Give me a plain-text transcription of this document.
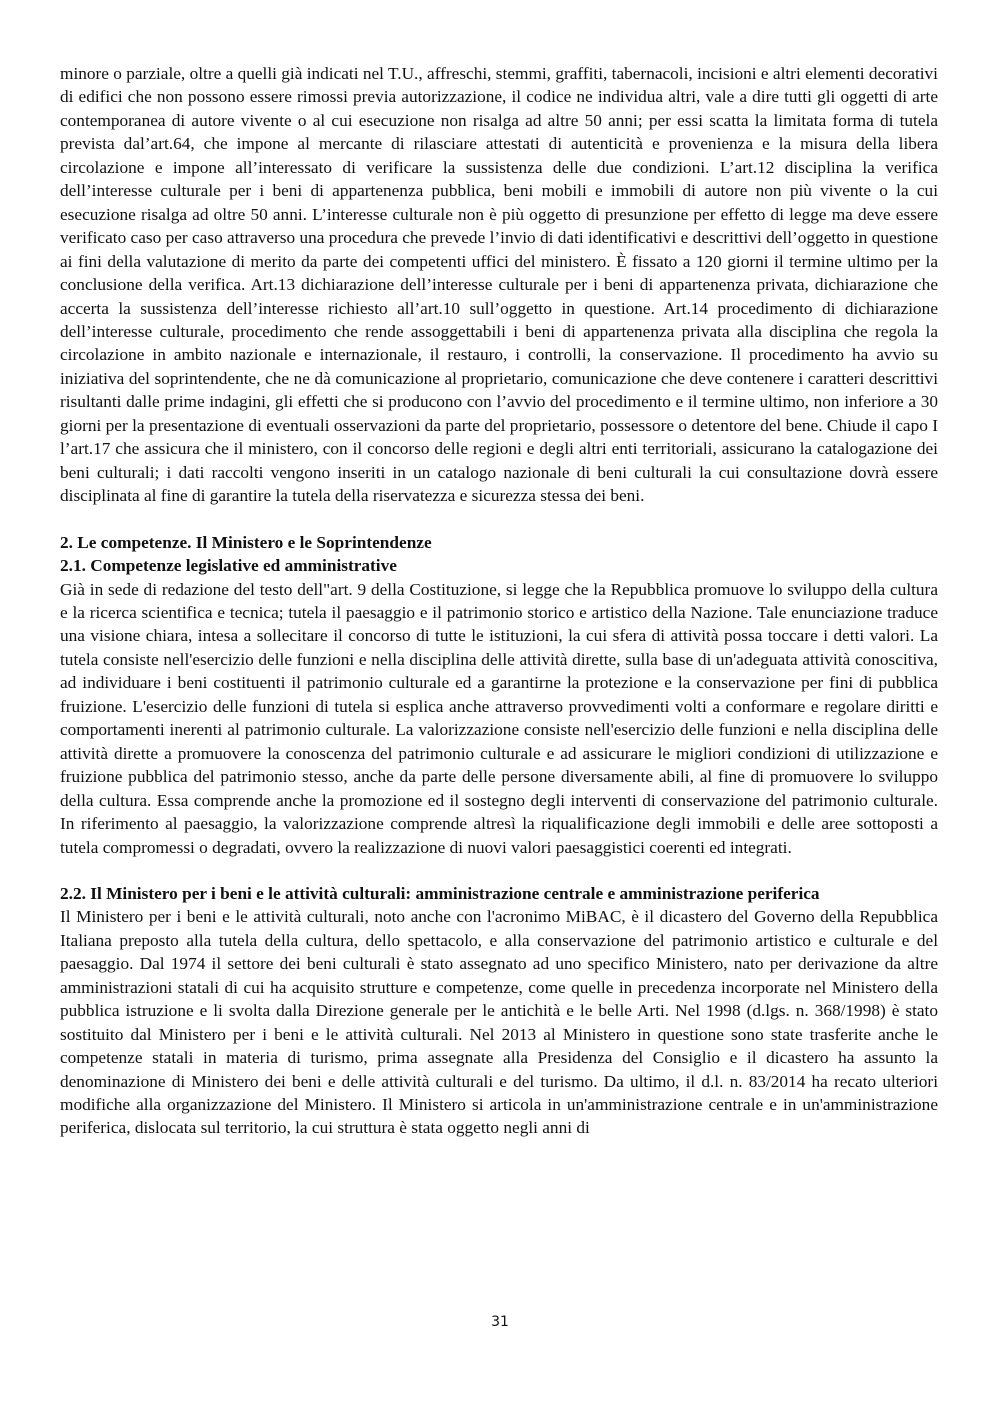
minore o parziale, oltre a quelli già indicati nel T.U., affreschi, stemmi, graffiti, tabernacoli, incisioni e altri elementi decorativi di edifici che non possono essere rimossi previa autorizzazione, il codice ne individua altri, vale a dire tutti gli oggetti di arte contemporanea di autore vivente o al cui esecuzione non risalga ad altre 50 anni; per essi scatta la limitata forma di tutela prevista dal’art.64, che impone al mercante di rilasciare attestati di autenticità e provenienza e la misura della libera circolazione e impone all’interessato di verificare la sussistenza delle due condizioni. L’art.12 disciplina la verifica dell’interesse culturale per i beni di appartenenza pubblica, beni mobili e immobili di autore non più vivente o la cui esecuzione risalga ad oltre 50 anni. L’interesse culturale non è più oggetto di presunzione per effetto di legge ma deve essere verificato caso per caso attraverso una procedura che prevede l’invio di dati identificativi e descrittivi dell’oggetto in questione ai fini della valutazione di merito da parte dei competenti uffici del ministero. È fissato a 120 giorni il termine ultimo per la conclusione della verifica. Art.13 dichiarazione dell’interesse culturale per i beni di appartenenza privata, dichiarazione che accerta la sussistenza dell’interesse richiesto all’art.10 sull’oggetto in questione. Art.14 procedimento di dichiarazione dell’interesse culturale, procedimento che rende assoggettabili i beni di appartenenza privata alla disciplina che regola la circolazione in ambito nazionale e internazionale, il restauro, i controlli, la conservazione. Il procedimento ha avvio su iniziativa del soprintendente, che ne dà comunicazione al proprietario, comunicazione che deve contenere i caratteri descrittivi risultanti dalle prime indagini, gli effetti che si producono con l’avvio del procedimento e il termine ultimo, non inferiore a 30 giorni per la presentazione di eventuali osservazioni da parte del proprietario, possessore o detentore del bene. Chiude il capo I l’art.17 che assicura che il ministero, con il concorso delle regioni e degli altri enti territoriali, assicurano la catalogazione dei beni culturali; i dati raccolti vengono inseriti in un catalogo nazionale di beni culturali la cui consultazione dovrà essere disciplinata al fine di garantire la tutela della riservatezza e sicurezza stessa dei beni.

2. Le competenze. Il Ministero e le Soprintendenze
2.1. Competenze legislative ed amministrative

Già in sede di redazione del testo dell"art. 9 della Costituzione, si legge che la Repubblica promuove lo sviluppo della cultura e la ricerca scientifica e tecnica; tutela il paesaggio e il patrimonio storico e artistico della Nazione. Tale enunciazione traduce una visione chiara, intesa a sollecitare il concorso di tutte le istituzioni, la cui sfera di attività possa toccare i detti valori. La tutela consiste nell'esercizio delle funzioni e nella disciplina delle attività dirette, sulla base di un'adeguata attività conoscitiva, ad individuare i beni costituenti il patrimonio culturale ed a garantirne la protezione e la conservazione per fini di pubblica fruizione. L'esercizio delle funzioni di tutela si esplica anche attraverso provvedimenti volti a conformare e regolare diritti e comportamenti inerenti al patrimonio culturale. La valorizzazione consiste nell'esercizio delle funzioni e nella disciplina delle attività dirette a promuovere la conoscenza del patrimonio culturale e ad assicurare le migliori condizioni di utilizzazione e fruizione pubblica del patrimonio stesso, anche da parte delle persone diversamente abili, al fine di promuovere lo sviluppo della cultura. Essa comprende anche la promozione ed il sostegno degli interventi di conservazione del patrimonio culturale. In riferimento al paesaggio, la valorizzazione comprende altresì la riqualificazione degli immobili e delle aree sottoposti a tutela compromessi o degradati, ovvero la realizzazione di nuovi valori paesaggistici coerenti ed integrati.

2.2. Il Ministero per i beni e le attività culturali: amministrazione centrale e amministrazione periferica

Il Ministero per i beni e le attività culturali, noto anche con l'acronimo MiBAC, è il dicastero del Governo della Repubblica Italiana preposto alla tutela della cultura, dello spettacolo, e alla conservazione del patrimonio artistico e culturale e del paesaggio. Dal 1974 il settore dei beni culturali è stato assegnato ad uno specifico Ministero, nato per derivazione da altre amministrazioni statali di cui ha acquisito strutture e competenze, come quelle in precedenza incorporate nel Ministero della pubblica istruzione e li svolta dalla Direzione generale per le antichità e le belle Arti. Nel 1998 (d.lgs. n. 368/1998) è stato sostituito dal Ministero per i beni e le attività culturali. Nel 2013 al Ministero in questione sono state trasferite anche le competenze statali in materia di turismo, prima assegnate alla Presidenza del Consiglio e il dicastero ha assunto la denominazione di Ministero dei beni e delle attività culturali e del turismo. Da ultimo, il d.l. n. 83/2014 ha recato ulteriori modifiche alla organizzazione del Ministero. Il Ministero si articola in un'amministrazione centrale e in un'amministrazione periferica, dislocata sul territorio, la cui struttura è stata oggetto negli anni di

31
